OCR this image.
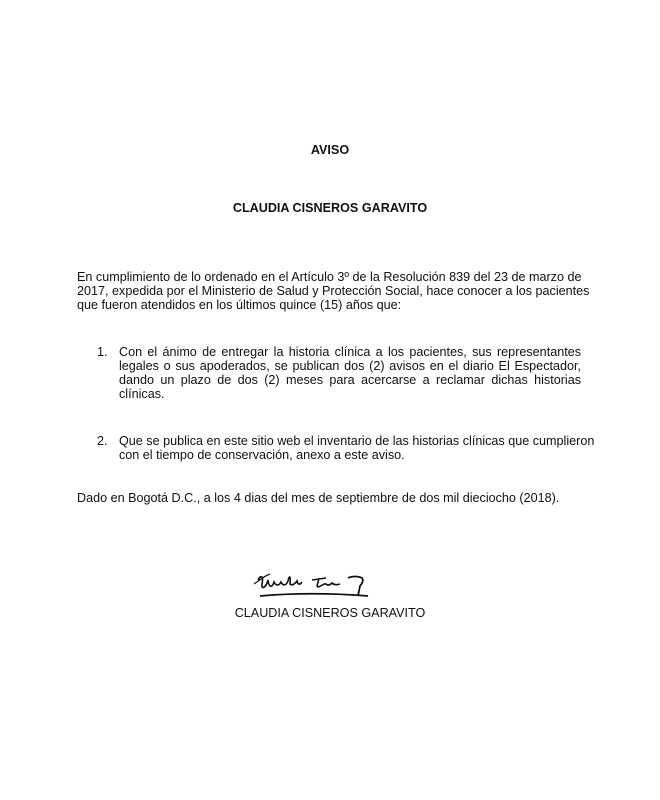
AVISO
CLAUDIA CISNEROS GARAVITO
En cumplimiento de lo ordenado en el Artículo 3º de la Resolución 839 del 23 de marzo de
2017, expedida por el Ministerio de Salud y Protección Social, hace conocer a los pacientes
que fueron atendidos en los últimos quince (15) años que:
1. Con el ánimo de entregar la historia clínica a los pacientes, sus representantes
legales o sus apoderados, se publican dos (2) avisos en el diario El Espectador,
dando un plazo de dos (2) meses para acercarse a reclamar dichas historias
clínicas.
2. Que se publica en este sitio web el inventario de las historias clínicas que cumplieron
con el tiempo de conservación, anexo a este aviso.
Dado en Bogotá D.C., a los 4 dias del mes de septiembre de dos mil dieciocho (2018).
CLAUDIA CISNEROS GARAVITO
